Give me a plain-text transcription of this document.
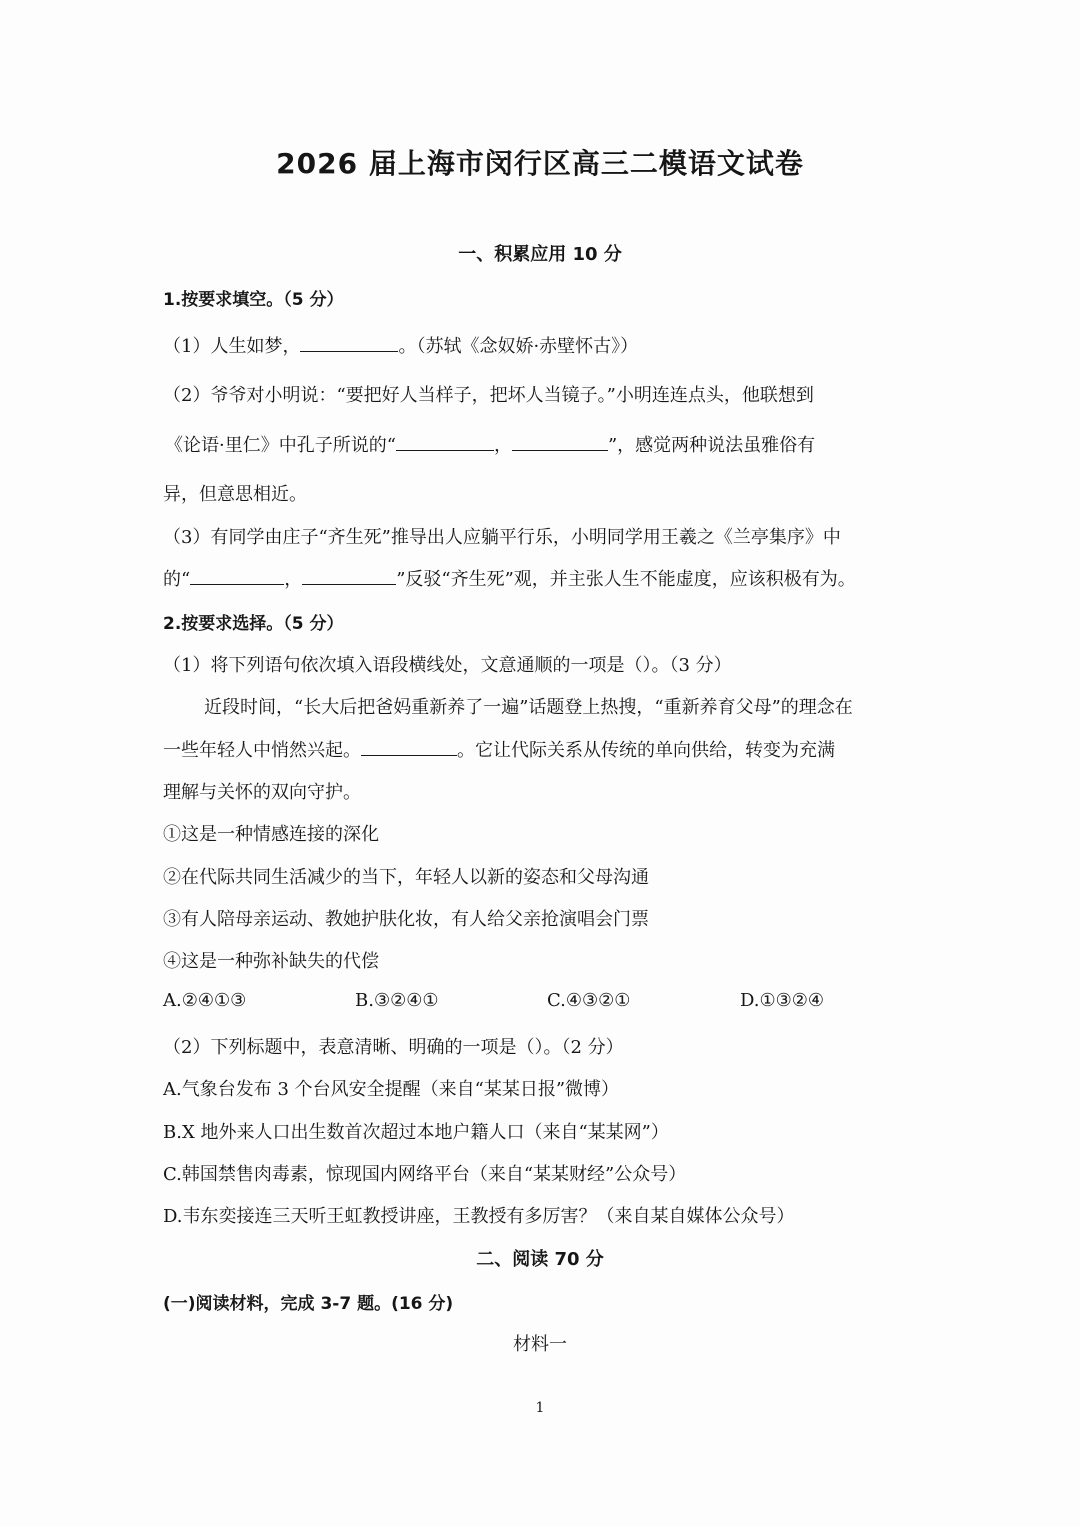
2026 届上海市闵行区高三二模语文试卷
一、积累应用 10 分
1.按要求填空。（5 分）
（1）人生如梦，	。（苏轼《念奴娇·赤壁怀古》）
（2）爷爷对小明说：“要把好人当样子，把坏人当镜子。”小明连连点头，他联想到
《论语·里仁》中孔子所说的“	，	”，感觉两种说法虽雅俗有
异，但意思相近。
（3）有同学由庄子“齐生死”推导出人应躺平行乐，小明同学用王羲之《兰亭集序》中
的“	，	”反驳“齐生死”观，并主张人生不能虚度，应该积极有为。
2.按要求选择。（5 分）
（1）将下列语句依次填入语段横线处，文意通顺的一项是（）。（3 分）
近段时间，“长大后把爸妈重新养了一遍”话题登上热搜，“重新养育父母”的理念在
一些年轻人中悄然兴起。	。它让代际关系从传统的单向供给，转变为充满
理解与关怀的双向守护。
①这是一种情感连接的深化
②在代际共同生活减少的当下，年轻人以新的姿态和父母沟通
③有人陪母亲运动、教她护肤化妆，有人给父亲抢演唱会门票
④这是一种弥补缺失的代偿
A.②④①③	B.③②④①	C.④③②①	D.①③②④
（2）下列标题中，表意清晰、明确的一项是（）。（2 分）
A.气象台发布 3 个台风安全提醒（来自“某某日报”微博）
B.X 地外来人口出生数首次超过本地户籍人口（来自“某某网”）
C.韩国禁售肉毒素，惊现国内网络平台（来自“某某财经”公众号）
D.韦东奕接连三天听王虹教授讲座，王教授有多厉害？（来自某自媒体公众号）
二、阅读 70 分
(一)阅读材料，完成 3-7 题。(16 分)
材料一
1
